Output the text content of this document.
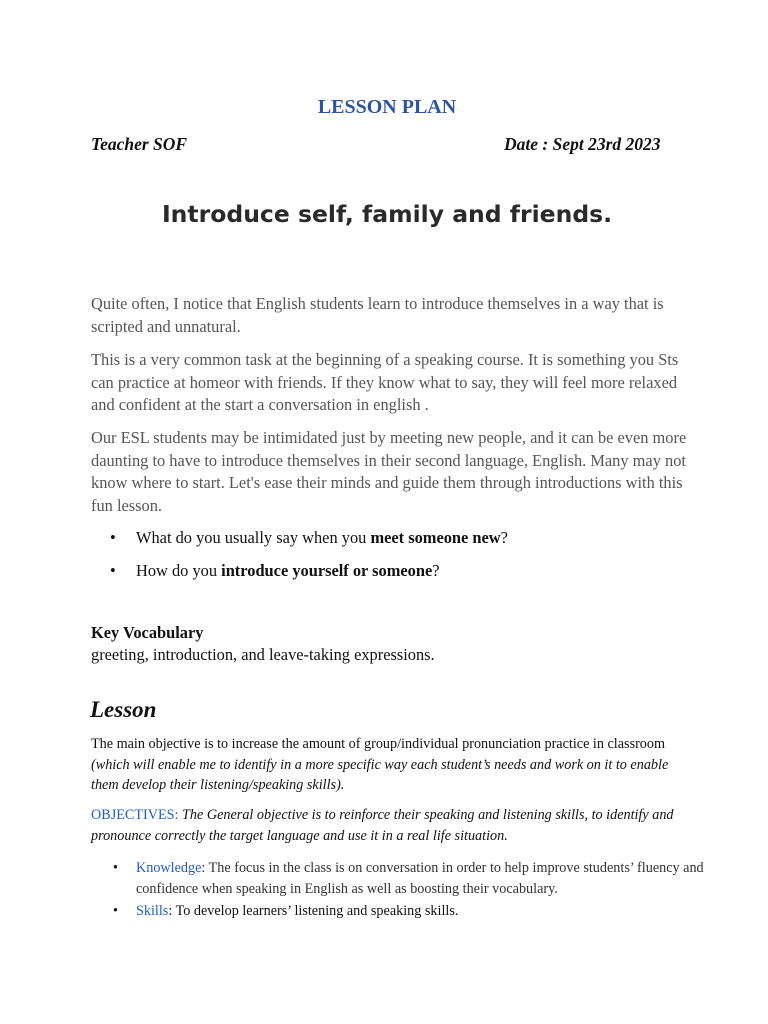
LESSON PLAN
Teacher SOF	Date : Sept 23rd 2023
Introduce self, family and friends.

Quite often, I notice that English students learn to introduce themselves in a way that is scripted and unnatural.

This is a very common task at the beginning of a speaking course. It is something you Sts can practice at homeor with friends. If they know what to say, they will feel more relaxed and confident at the start a conversation in english .

Our ESL students may be intimidated just by meeting new people, and it can be even more daunting to have to introduce themselves in their second language, English. Many may not know where to start. Let's ease their minds and guide them through introductions with this fun lesson.

• What do you usually say when you meet someone new?
• How do you introduce yourself or someone?
Key Vocabulary
greeting, introduction, and leave-taking expressions.
Lesson

The main objective is to increase the amount of group/individual pronunciation practice in classroom (which will enable me to identify in a more specific way each student’s needs and work on it to enable them develop their listening/speaking skills).

OBJECTIVES: The General objective is to reinforce their speaking and listening skills, to identify and pronounce correctly the target language and use it in a real life situation.

• Knowledge: The focus in the class is on conversation in order to help improve students’ fluency and confidence when speaking in English as well as boosting their vocabulary.
• Skills: To develop learners’ listening and speaking skills.
